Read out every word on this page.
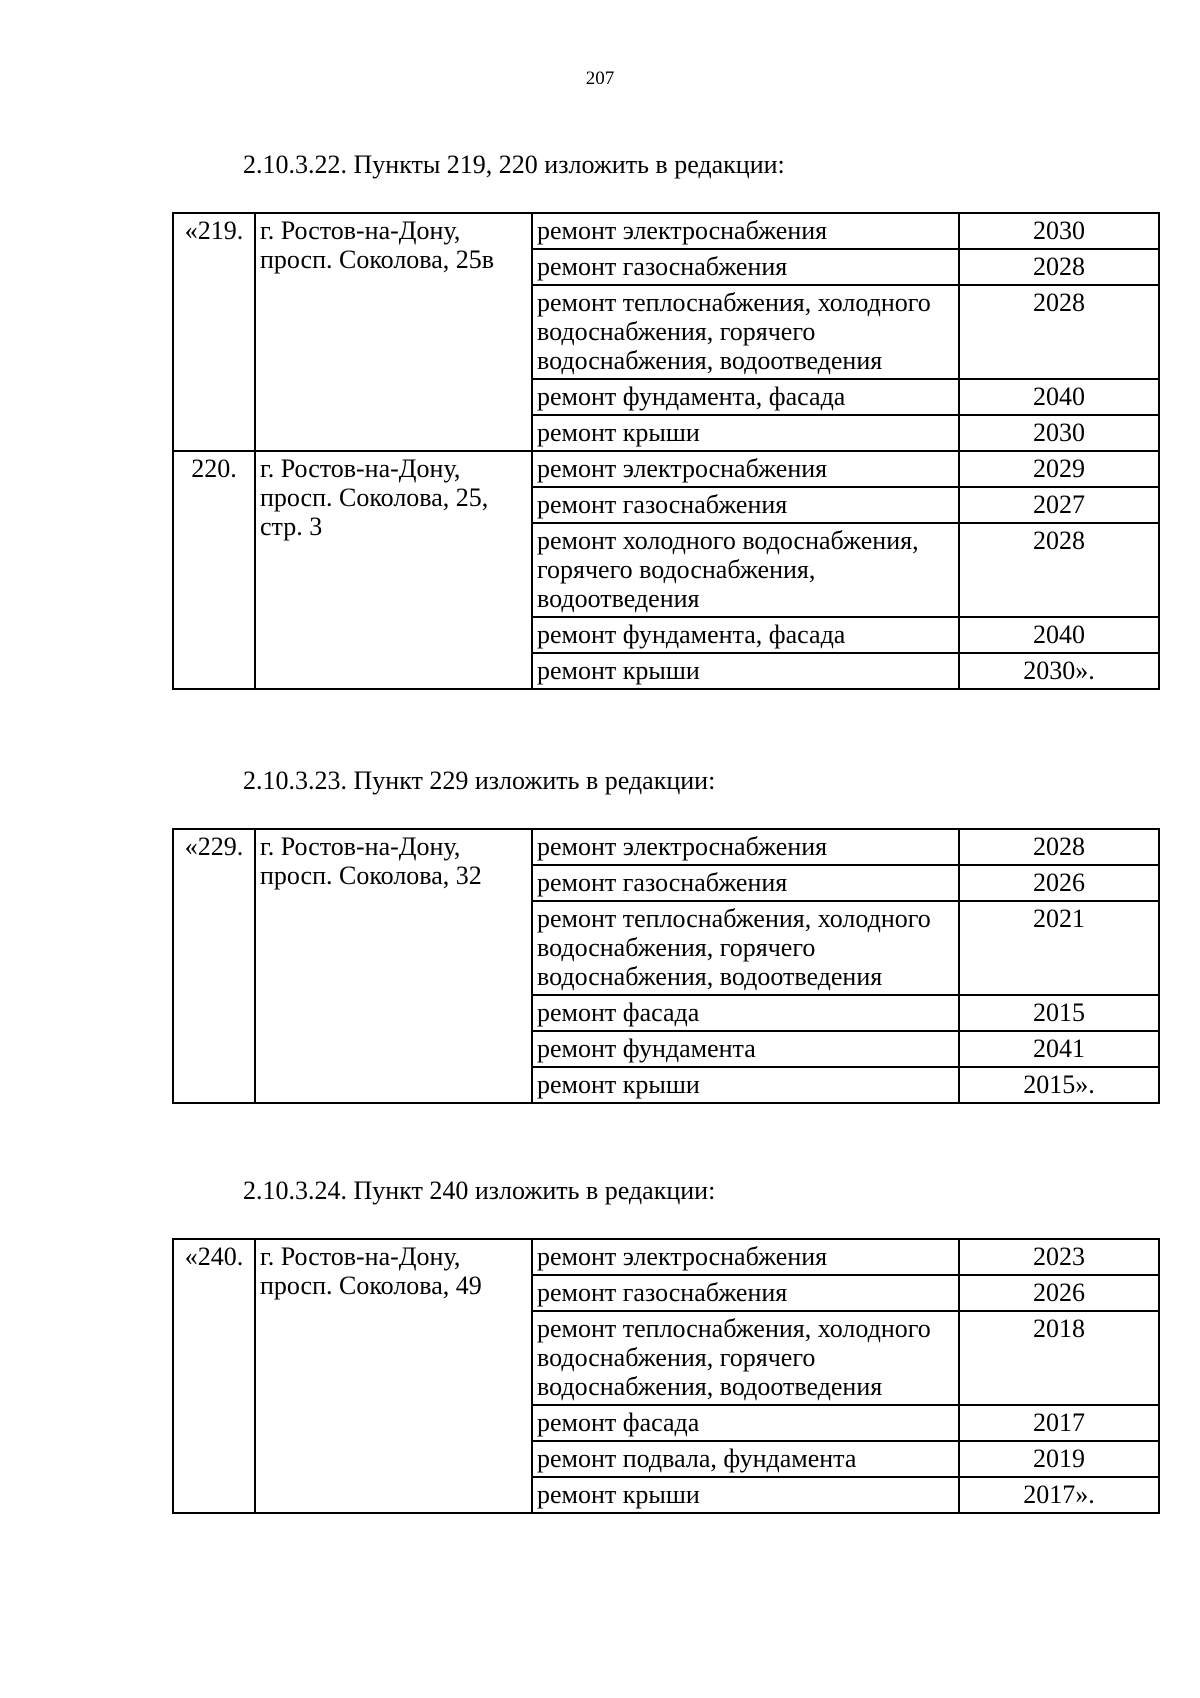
207
2.10.3.22. Пункты 219, 220 изложить в редакции:
«219.	г. Ростов-на-Дону, просп. Соколова, 25в	ремонт электроснабжения	2030
		ремонт газоснабжения	2028
		ремонт теплоснабжения, холодного водоснабжения, горячего водоснабжения, водоотведения	2028
		ремонт фундамента, фасада	2040
		ремонт крыши	2030
220.	г. Ростов-на-Дону, просп. Соколова, 25, стр. 3	ремонт электроснабжения	2029
		ремонт газоснабжения	2027
		ремонт холодного водоснабжения, горячего водоснабжения, водоотведения	2028
		ремонт фундамента, фасада	2040
		ремонт крыши	2030».
2.10.3.23. Пункт 229 изложить в редакции:
«229.	г. Ростов-на-Дону, просп. Соколова, 32	ремонт электроснабжения	2028
		ремонт газоснабжения	2026
		ремонт теплоснабжения, холодного водоснабжения, горячего водоснабжения, водоотведения	2021
		ремонт фасада	2015
		ремонт фундамента	2041
		ремонт крыши	2015».
2.10.3.24. Пункт 240 изложить в редакции:
«240.	г. Ростов-на-Дону, просп. Соколова, 49	ремонт электроснабжения	2023
		ремонт газоснабжения	2026
		ремонт теплоснабжения, холодного водоснабжения, горячего водоснабжения, водоотведения	2018
		ремонт фасада	2017
		ремонт подвала, фундамента	2019
		ремонт крыши	2017».
